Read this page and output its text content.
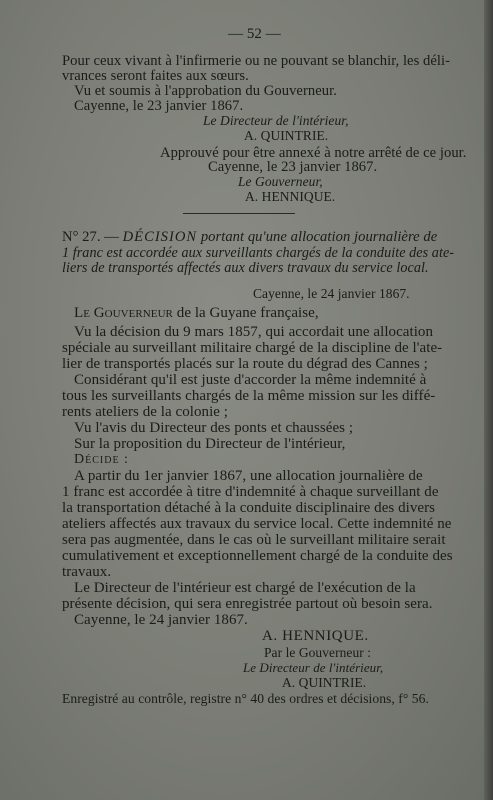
— 52 —
Pour ceux vivant à l'infirmerie ou ne pouvant se blanchir, les déli-
vrances seront faites aux sœurs.
Vu et soumis à l'approbation du Gouverneur.
Cayenne, le 23 janvier 1867.
Le Directeur de l'intérieur,
A. QUINTRIE.
Approuvé pour être annexé à notre arrêté de ce jour.
Cayenne, le 23 janvier 1867.
Le Gouverneur,
A. HENNIQUE.
N° 27. — DÉCISION portant qu'une allocation journalière de
1 franc est accordée aux surveillants chargés de la conduite des ate-
liers de transportés affectés aux divers travaux du service local.
Cayenne, le 24 janvier 1867.
Le Gouverneur de la Guyane française,
Vu la décision du 9 mars 1857, qui accordait une allocation
spéciale au surveillant militaire chargé de la discipline de l'ate-
lier de transportés placés sur la route du dégrad des Cannes ;
Considérant qu'il est juste d'accorder la même indemnité à
tous les surveillants chargés de la même mission sur les diffé-
rents ateliers de la colonie ;
Vu l'avis du Directeur des ponts et chaussées ;
Sur la proposition du Directeur de l'intérieur,
Décide :
A partir du 1er janvier 1867, une allocation journalière de
1 franc est accordée à titre d'indemnité à chaque surveillant de
la transportation détaché à la conduite disciplinaire des divers
ateliers affectés aux travaux du service local. Cette indemnité ne
sera pas augmentée, dans le cas où le surveillant militaire serait
cumulativement et exceptionnellement chargé de la conduite des
travaux.
Le Directeur de l'intérieur est chargé de l'exécution de la
présente décision, qui sera enregistrée partout où besoin sera.
Cayenne, le 24 janvier 1867.
A. HENNIQUE.
Par le Gouverneur :
Le Directeur de l'intérieur,
A. QUINTRIE.
Enregistré au contrôle, registre n° 40 des ordres et décisions, f° 56.
